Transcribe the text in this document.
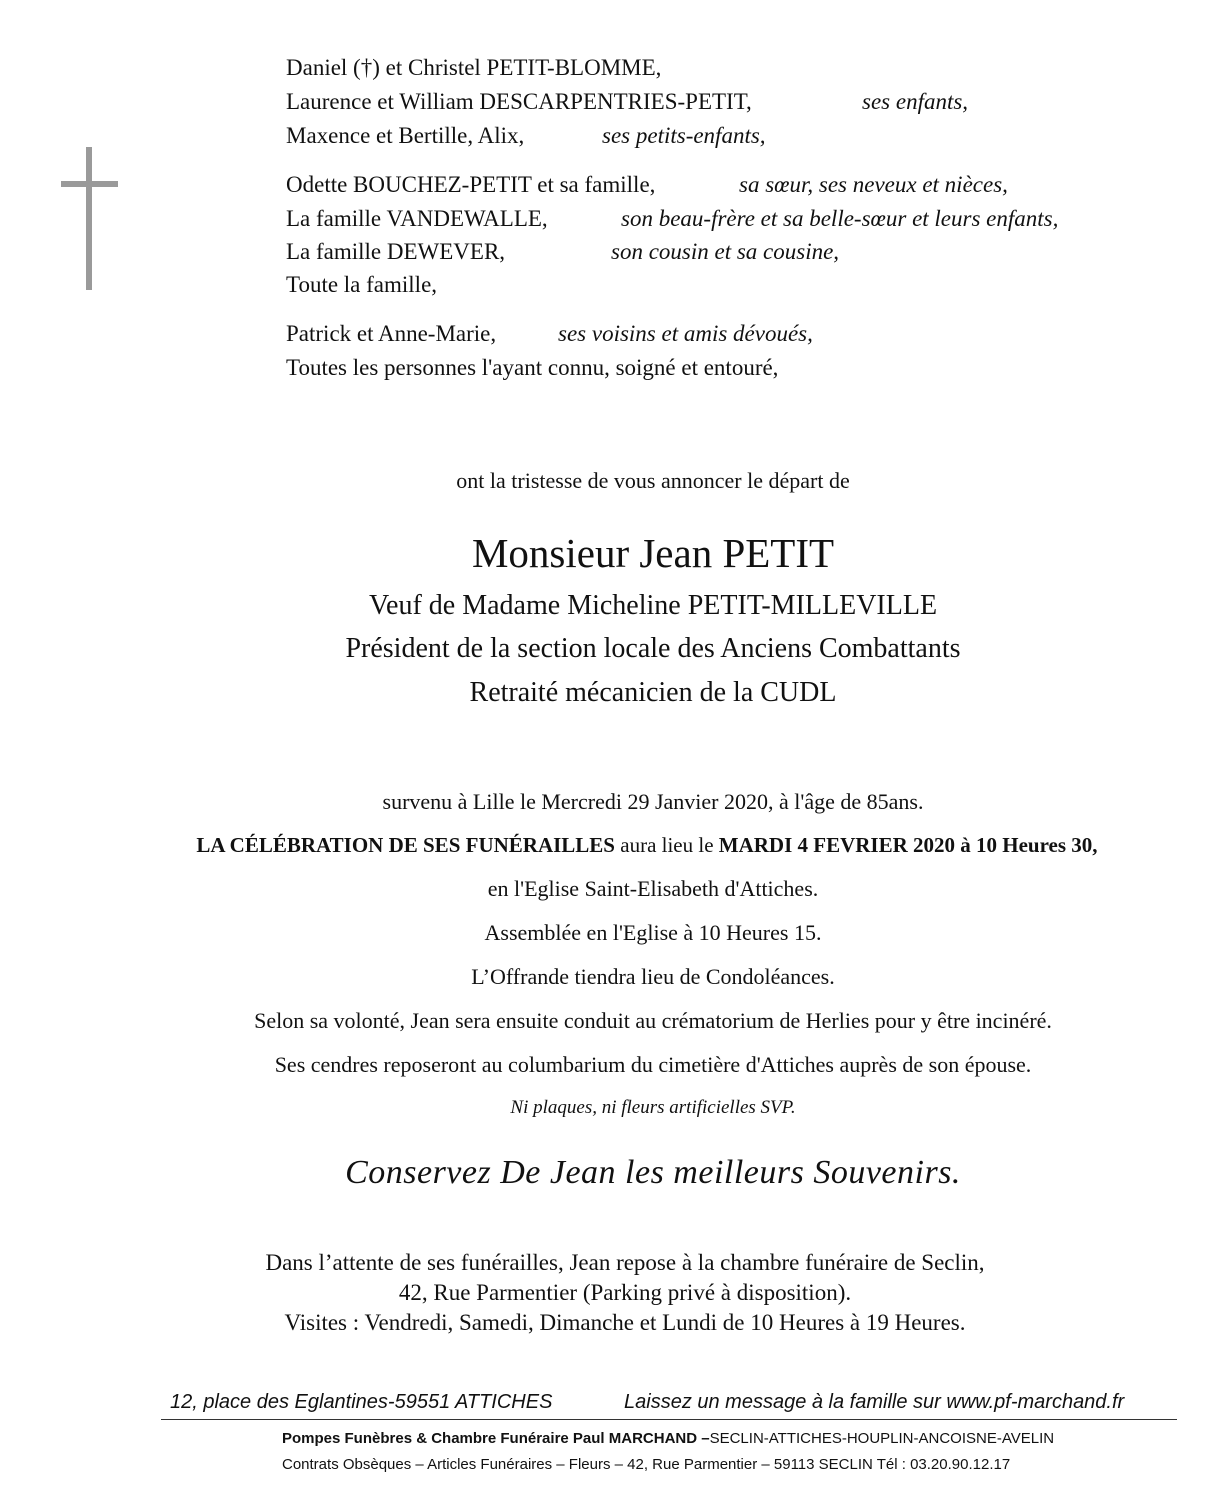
Daniel (†) et Christel PETIT-BLOMME,
Laurence et William DESCARPENTRIES-PETIT,	ses enfants,
Maxence et Bertille, Alix,	ses petits-enfants,
Odette BOUCHEZ-PETIT et sa famille,	sa sœur, ses neveux et nièces,
La famille VANDEWALLE,	son beau-frère et sa belle-sœur et leurs enfants,
La famille DEWEVER,	son cousin et sa cousine,
Toute la famille,
Patrick et Anne-Marie,	ses voisins et amis dévoués,
Toutes les personnes l'ayant connu, soigné et entouré,
ont la tristesse de vous annoncer le départ de
Monsieur Jean PETIT
Veuf de Madame Micheline PETIT-MILLEVILLE
Président de la section locale des Anciens Combattants
Retraité mécanicien de la CUDL
survenu à Lille le Mercredi 29 Janvier 2020, à l'âge de 85ans.
LA CÉLÉBRATION DE SES FUNÉRAILLES aura lieu le MARDI 4 FEVRIER 2020 à 10 Heures 30,
en l'Eglise Saint-Elisabeth d'Attiches.
Assemblée en l'Eglise à 10 Heures 15.
L’Offrande tiendra lieu de Condoléances.
Selon sa volonté, Jean sera ensuite conduit au crématorium de Herlies pour y être incinéré.
Ses cendres reposeront au columbarium du cimetière d'Attiches auprès de son épouse.
Ni plaques, ni fleurs artificielles SVP.
Conservez De Jean les meilleurs Souvenirs.
Dans l’attente de ses funérailles, Jean repose à la chambre funéraire de Seclin,
42, Rue Parmentier (Parking privé à disposition).
Visites : Vendredi, Samedi, Dimanche et Lundi de 10 Heures à 19 Heures.
12, place des Eglantines-59551 ATTICHES	Laissez un message à la famille sur www.pf-marchand.fr
Pompes Funèbres & Chambre Funéraire Paul MARCHAND –SECLIN-ATTICHES-HOUPLIN-ANCOISNE-AVELIN
Contrats Obsèques – Articles Funéraires – Fleurs – 42, Rue Parmentier – 59113 SECLIN Tél : 03.20.90.12.17
